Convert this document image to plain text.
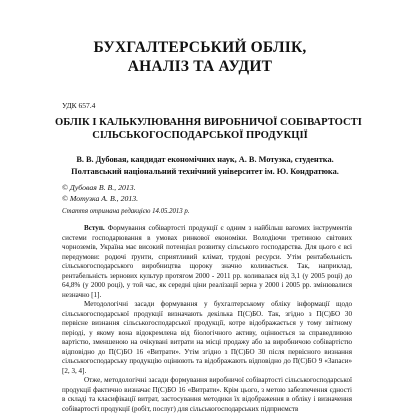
БУХГАЛТЕРСЬКИЙ ОБЛІК,
АНАЛІЗ ТА АУДИТ
УДК 657.4
ОБЛІК І КАЛЬКУЛЮВАННЯ ВИРОБНИЧОЇ СОБІВАРТОСТІ
СІЛЬСЬКОГОСПОДАРСЬКОЇ ПРОДУКЦІЇ
В. В. Дубовая, кандидат економічних наук, А. В. Мотузка, студентка.
Полтавський національний технічний університет ім. Ю. Кондратюка.
© Дубовая В. В., 2013.
© Мотузка А. В., 2013.
Стаття отримана редакцією 14.05.2013 р.

Вступ. Формування собівартості продукції є одним з найбільш вагомих інструментів системи господарювання в умовах ринкової економіки. Володіючи третиною світових чорноземів, Україна має високий потенціал розвитку сільського господарства. Для цього є всі передумови: родючі ґрунти, сприятливий клімат, трудові ресурси. Утім рентабельність сільськогосподарського виробництва щороку значно коливається. Так, наприклад, рентабельність зернових культур протягом 2000 - 2011 рр. коливалася від 3,1 (у 2005 році) до 64,8% (у 2000 році), у той час, як середні ціни реалізації зерна у 2000 і 2005 рр. змінювалися незначно [1].

Методологічні засади формування у бухгалтерському обліку інформації щодо сільськогосподарської продукції визначають декілька П(С)БО. Так, згідно з П(С)БО 30 первісне визнання сільськогосподарської продукції, котре відображається у тому звітному періоді, у якому вона відокремлена від біологічного активу, оцінюється за справедливою вартістю, зменшеною на очікувані витрати на місці продажу або за виробничою собівартістю відповідно до П(С)БО 16 «Витрати». Утім згідно з П(С)БО 30 після первісного визнання сільськогосподарську продукцію оцінюють та відображають відповідно до П(С)БО 9 «Запаси» [2, 3, 4].

Отже, методологічні засади формування виробничої собівартості сільськогосподарської продукції фактично визначає П(С)БО 16 «Витрати». Крім цього, з метою забезпечення єдності в складі та класифікації витрат, застосування методики їх відображення в обліку і визначення собівартості продукції (робіт, послуг) для сільськогосподарських підприємств
